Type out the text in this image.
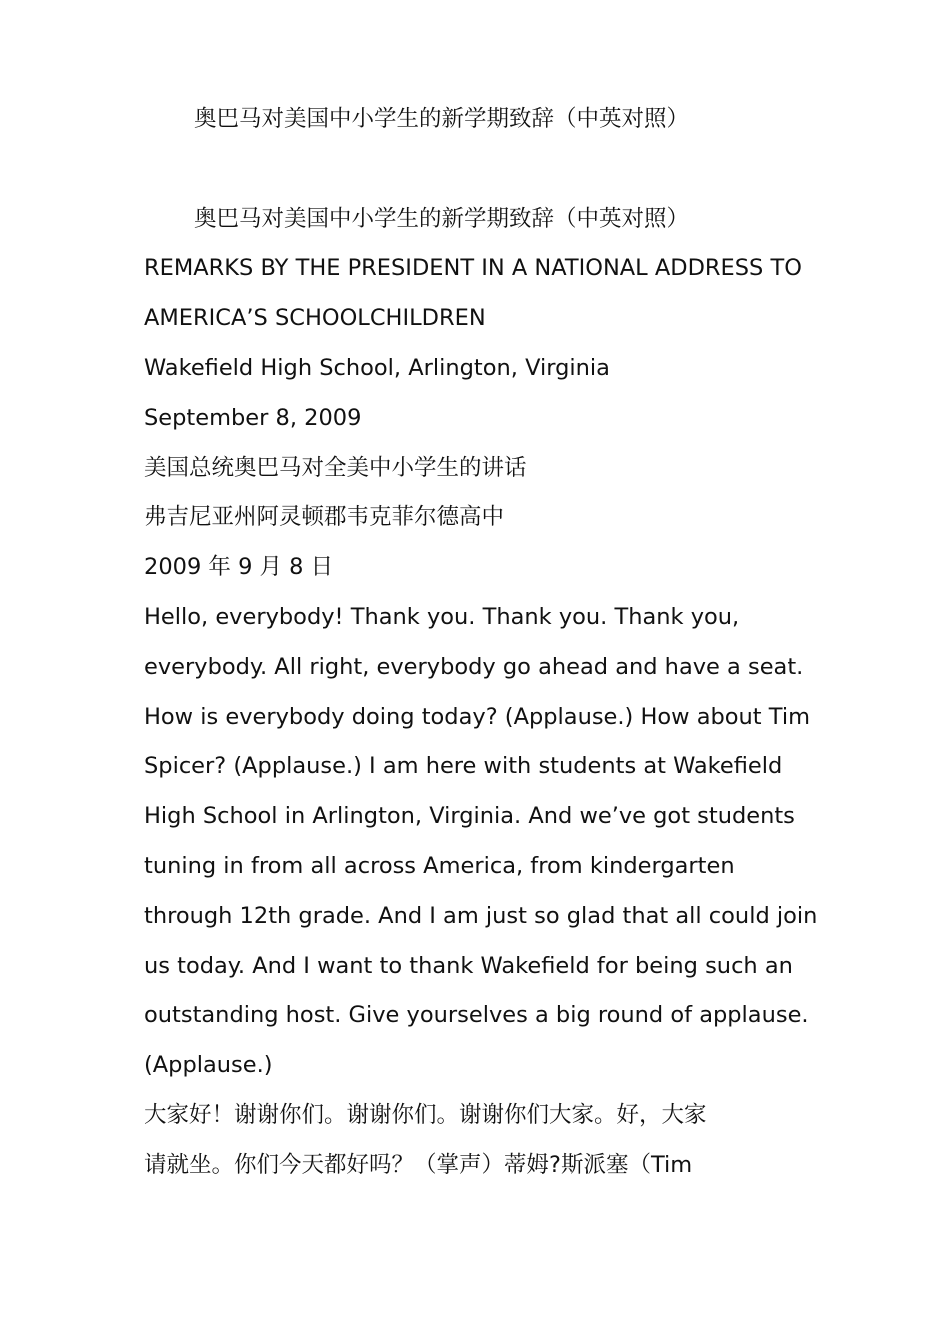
奥巴马对美国中小学生的新学期致辞（中英对照）
奥巴马对美国中小学生的新学期致辞（中英对照）
REMARKS BY THE PRESIDENT IN A NATIONAL ADDRESS TO
AMERICA’S SCHOOLCHILDREN
Wakefield High School, Arlington, Virginia
September 8, 2009
美国总统奥巴马对全美中小学生的讲话
弗吉尼亚州阿灵顿郡韦克菲尔德高中
2009 年 9 月 8 日
Hello, everybody! Thank you. Thank you. Thank you,
everybody. All right, everybody go ahead and have a seat.
How is everybody doing today? (Applause.) How about Tim
Spicer? (Applause.) I am here with students at Wakefield
High School in Arlington, Virginia. And we’ve got students
tuning in from all across America, from kindergarten
through 12th grade. And I am just so glad that all could join
us today. And I want to thank Wakefield for being such an
outstanding host. Give yourselves a big round of applause.
(Applause.)
大家好！谢谢你们。谢谢你们。谢谢你们大家。好，大家
请就坐。你们今天都好吗？（掌声）蒂姆?斯派塞（Tim
